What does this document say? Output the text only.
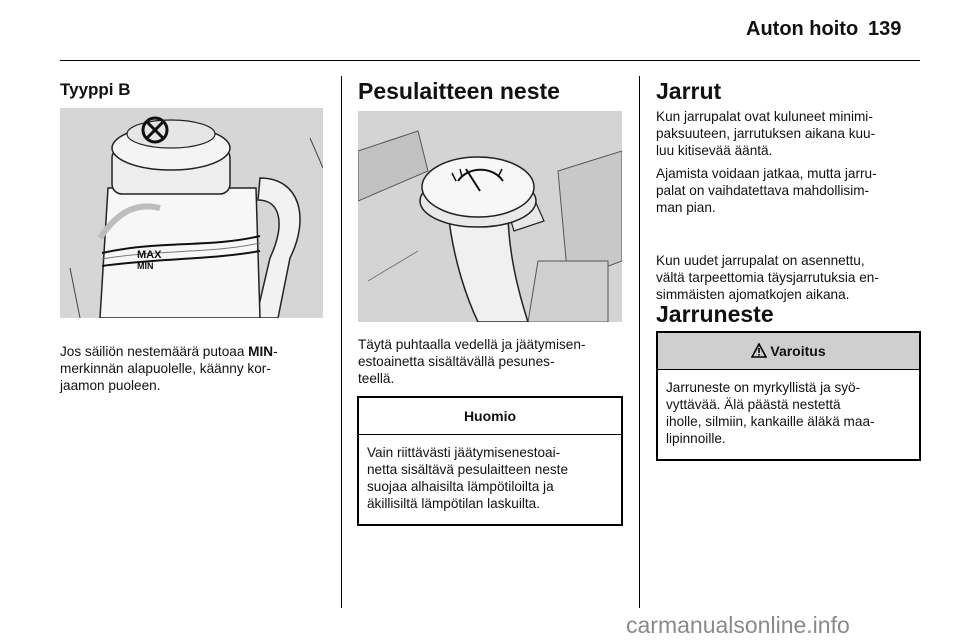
Auton hoito 139
Tyyppi B
MAX
MIN
Jos säiliön nestemäärä putoaa MIN-
merkinnän alapuolelle, käänny kor-
jaamon puoleen.
Pesulaitteen neste
Täytä puhtaalla vedellä ja jäätymisen-
estoainetta sisältävällä pesunes-
teellä.
Huomio
Vain riittävästi jäätymisenestoai-
netta sisältävä pesulaitteen neste
suojaa alhaisilta lämpötiloilta ja
äkillisiltä lämpötilan laskuilta.
Jarrut
Kun jarrupalat ovat kuluneet minimi-
paksuuteen, jarrutuksen aikana kuu-
luu kitisevää ääntä.
Ajamista voidaan jatkaa, mutta jarru-
palat on vaihdatettava mahdollisim-
man pian.
Kun uudet jarrupalat on asennettu,
vältä tarpeettomia täysjarrutuksia en-
simmäisten ajomatkojen aikana.
Jarruneste
Varoitus
Jarruneste on myrkyllistä ja syö-
vyttävää. Älä päästä nestettä
iholle, silmiin, kankaille äläkä maa-
lipinnoille.
carmanualsonline.info
